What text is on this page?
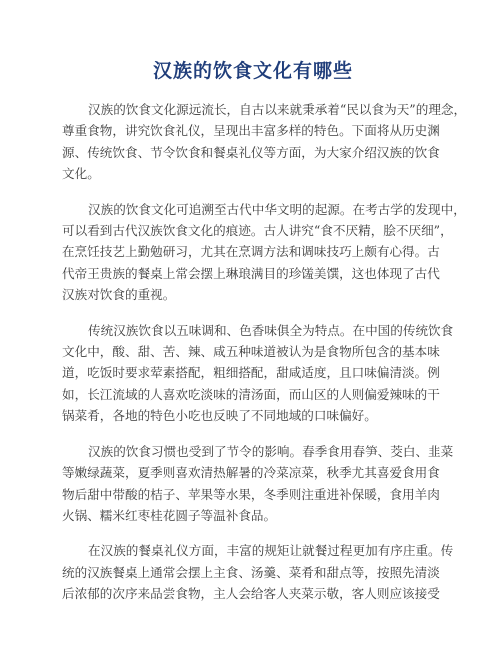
汉族的饮食文化有哪些
汉族的饮食文化源远流长，自古以来就秉承着“民以食为天”的理念，
尊重食物，讲究饮食礼仪，呈现出丰富多样的特色。下面将从历史渊
源、传统饮食、节令饮食和餐桌礼仪等方面，为大家介绍汉族的饮食
文化。
汉族的饮食文化可追溯至古代中华文明的起源。在考古学的发现中，
可以看到古代汉族饮食文化的痕迹。古人讲究“食不厌精，脍不厌细”，
在烹饪技艺上勤勉研习，尤其在烹调方法和调味技巧上颇有心得。古
代帝王贵族的餐桌上常会摆上琳琅满目的珍馐美馔，这也体现了古代
汉族对饮食的重视。
传统汉族饮食以五味调和、色香味俱全为特点。在中国的传统饮食
文化中，酸、甜、苦、辣、咸五种味道被认为是食物所包含的基本味
道，吃饭时要求荤素搭配，粗细搭配，甜咸适度，且口味偏清淡。例
如，长江流域的人喜欢吃淡味的清汤面，而山区的人则偏爱辣味的干
锅菜肴，各地的特色小吃也反映了不同地域的口味偏好。
汉族的饮食习惯也受到了节令的影响。春季食用春笋、茭白、韭菜
等嫩绿蔬菜，夏季则喜欢清热解暑的冷菜凉菜，秋季尤其喜爱食用食
物后甜中带酸的桔子、苹果等水果，冬季则注重进补保暖，食用羊肉
火锅、糯米红枣桂花圆子等温补食品。
在汉族的餐桌礼仪方面，丰富的规矩让就餐过程更加有序庄重。传
统的汉族餐桌上通常会摆上主食、汤羹、菜肴和甜点等，按照先清淡
后浓郁的次序来品尝食物，主人会给客人夹菜示敬，客人则应该接受
